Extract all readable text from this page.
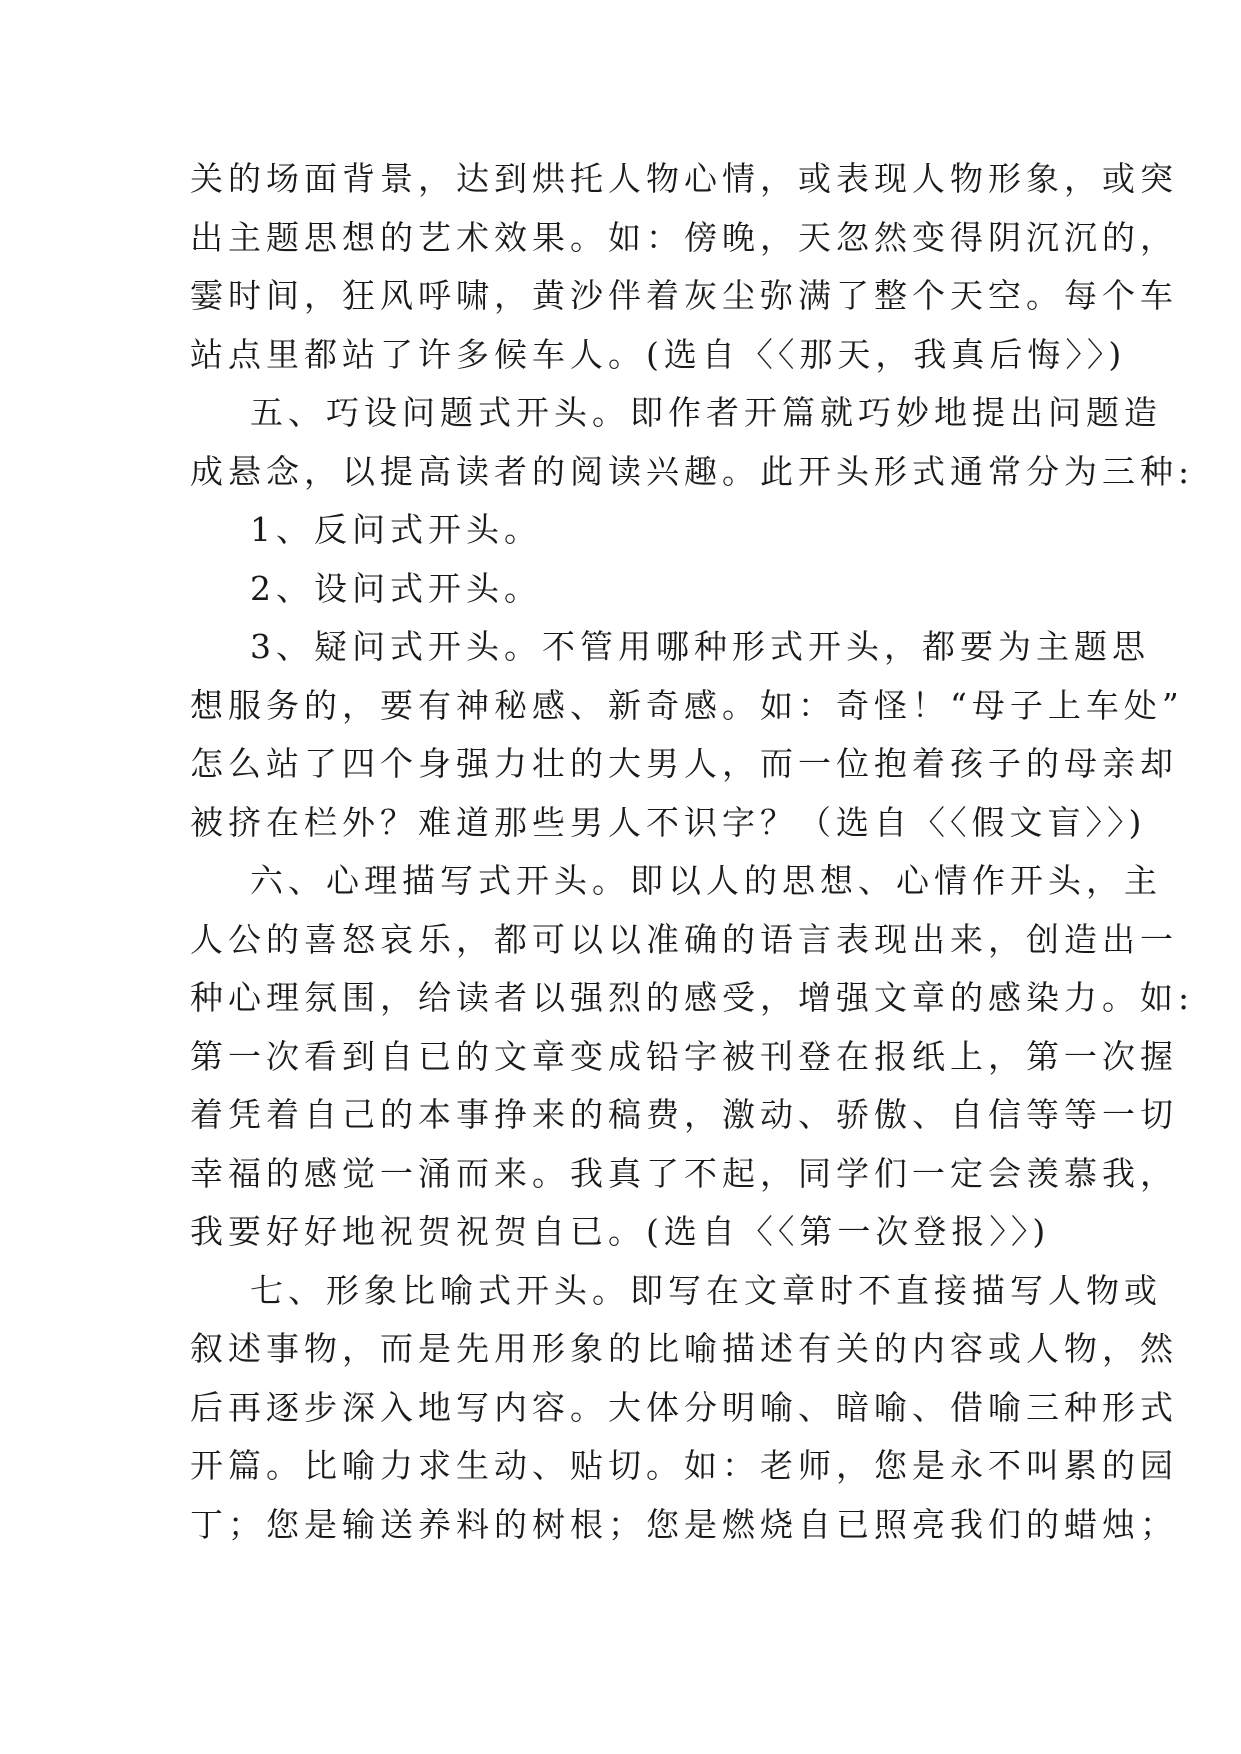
关的场面背景，达到烘托人物心情，或表现人物形象，或突
出主题思想的艺术效果。如：傍晚，天忽然变得阴沉沉的，
霎时间，狂风呼啸，黄沙伴着灰尘弥满了整个天空。每个车
站点里都站了许多候车人。(选自〈〈那天，我真后悔〉〉)
五、巧设问题式开头。即作者开篇就巧妙地提出问题造
成悬念，以提高读者的阅读兴趣。此开头形式通常分为三种:
1、反问式开头。
2、设问式开头。
3、疑问式开头。不管用哪种形式开头，都要为主题思
想服务的，要有神秘感、新奇感。如：奇怪！“母子上车处”
怎么站了四个身强力壮的大男人，而一位抱着孩子的母亲却
被挤在栏外？难道那些男人不识字？（选自〈〈假文盲〉〉)
六、心理描写式开头。即以人的思想、心情作开头，主
人公的喜怒哀乐，都可以以准确的语言表现出来，创造出一
种心理氛围，给读者以强烈的感受，增强文章的感染力。如:
第一次看到自已的文章变成铅字被刊登在报纸上，第一次握
着凭着自己的本事挣来的稿费，激动、骄傲、自信等等一切
幸福的感觉一涌而来。我真了不起，同学们一定会羡慕我，
我要好好地祝贺祝贺自已。(选自〈〈第一次登报〉〉)
七、形象比喻式开头。即写在文章时不直接描写人物或
叙述事物，而是先用形象的比喻描述有关的内容或人物，然
后再逐步深入地写内容。大体分明喻、暗喻、借喻三种形式
开篇。比喻力求生动、贴切。如：老师，您是永不叫累的园
丁；您是输送养料的树根；您是燃烧自已照亮我们的蜡烛；
